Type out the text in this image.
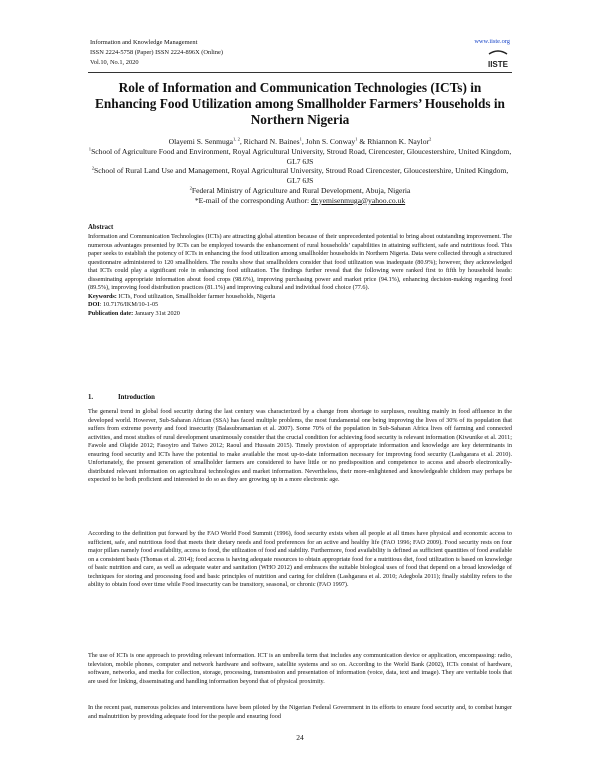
Information and Knowledge Management
ISSN 2224-5758 (Paper) ISSN 2224-896X (Online)
Vol.10, No.1, 2020
www.iiste.org
IISTE
Role of Information and Communication Technologies (ICTs) in Enhancing Food Utilization among Smallholder Farmers’ Households in Northern Nigeria

Olayemi S. Senmuga$^{1, 2}$, Richard N. Baines$^1$, John S. Conway$^1$ & Rhiannon K. Naylor$^2$

$^1$School of Agriculture Food and Environment, Royal Agricultural University, Stroud Road, Cirencester, Gloucestershire, United Kingdom, GL7 6JS

$^2$School of Rural Land Use and Management, Royal Agricultural University, Stroud Road Cirencester, Gloucestershire, United Kingdom, GL7 6JS

$^2$Federal Ministry of Agriculture and Rural Development, Abuja, Nigeria

*E-mail of the corresponding Author: dr.yemisenmuga@yahoo.co.uk

Abstract

Information and Communication Technologies (ICTs) are attracting global attention because of their unprecedented potential to bring about outstanding improvement. The numerous advantages presented by ICTs can be employed towards the enhancement of rural households’ capabilities in attaining sufficient, safe and nutritious food. This paper seeks to establish the potency of ICTs in enhancing the food utilization among smallholder households in Northern Nigeria. Data were collected through a structured questionnaire administered to 120 smallholders. The results show that smallholders consider that food utilization was inadequate (80.9%); however, they acknowledged that ICTs could play a significant role in enhancing food utilization. The findings further reveal that the following were ranked first to fifth by household heads: disseminating appropriate information about food crops (98.6%), improving purchasing power and market price (94.1%), enhancing decision-making regarding food (89.5%), improving food distribution practices (81.1%) and improving cultural and individual food choice (77.6).

Keywords: ICTs, Food utilization, Smallholder farmer households, Nigeria

DOI: 10.7176/IKM/10-1-05

Publication date: January 31st 2020

1.	Introduction
The general trend in global food security during the last century was characterized by a change from shortage to surpluses, resulting mainly in food affluence in the developed world. However, Sub-Saharan African (SSA) has faced multiple problems, the most fundamental one being improving the lives of 30% of its population that suffers from extreme poverty and food insecurity (Balasubramanian et al. 2007). Some 70% of the population in Sub-Saharan Africa lives off farming and connected activities, and most studies of rural development unanimously consider that the crucial condition for achieving food security is relevant information (Kiwunike et al. 2011; Fawole and Olajide 2012; Fasoyiro and Taiwo 2012; Raoul and Hussain 2015). Timely provision of appropriate information and knowledge are key determinants in ensuring food security and ICTs have the potential to make available the most up-to-date information necessary for improving food security (Lashgarara et al. 2010). Unfortunately, the present generation of smallholder farmers are considered to have little or no predisposition and competence to access and absorb electronically-distributed relevant information on agricultural technologies and market information. Nevertheless, their more-enlightened and knowledgeable children may perhaps be expected to be both proficient and interested to do so as they are growing up in a more electronic age.
According to the definition put forward by the FAO World Food Summit (1996), food security exists when all people at all times have physical and economic access to sufficient, safe, and nutritious food that meets their dietary needs and food preferences for an active and healthy life (FAO 1996; FAO 2009). Food security rests on four major pillars namely food availability, access to food, the utilization of food and stability. Furthermore, food availability is defined as sufficient quantities of food available on a consistent basis (Thomas et al. 2014); food access is having adequate resources to obtain appropriate food for a nutritious diet, food utilization is based on knowledge of basic nutrition and care, as well as adequate water and sanitation (WHO 2012) and embraces the suitable biological uses of food that depend on a broad knowledge of techniques for storing and processing food and basic principles of nutrition and caring for children (Lashgarara et al. 2010; Adegbola 2011); finally stability refers to the ability to obtain food over time while Food insecurity can be transitory, seasonal, or chronic (FAO 1997).
The use of ICTs is one approach to providing relevant information. ICT is an umbrella term that includes any communication device or application, encompassing: radio, television, mobile phones, computer and network hardware and software, satellite systems and so on. According to the World Bank (2002), ICTs consist of hardware, software, networks, and media for collection, storage, processing, transmission and presentation of information (voice, data, text and image). They are veritable tools that are used for linking, disseminating and handling information beyond that of physical proximity.
In the recent past, numerous policies and interventions have been piloted by the Nigerian Federal Government in its efforts to ensure food security and, to combat hunger and malnutrition by providing adequate food for the people and ensuring food
24
